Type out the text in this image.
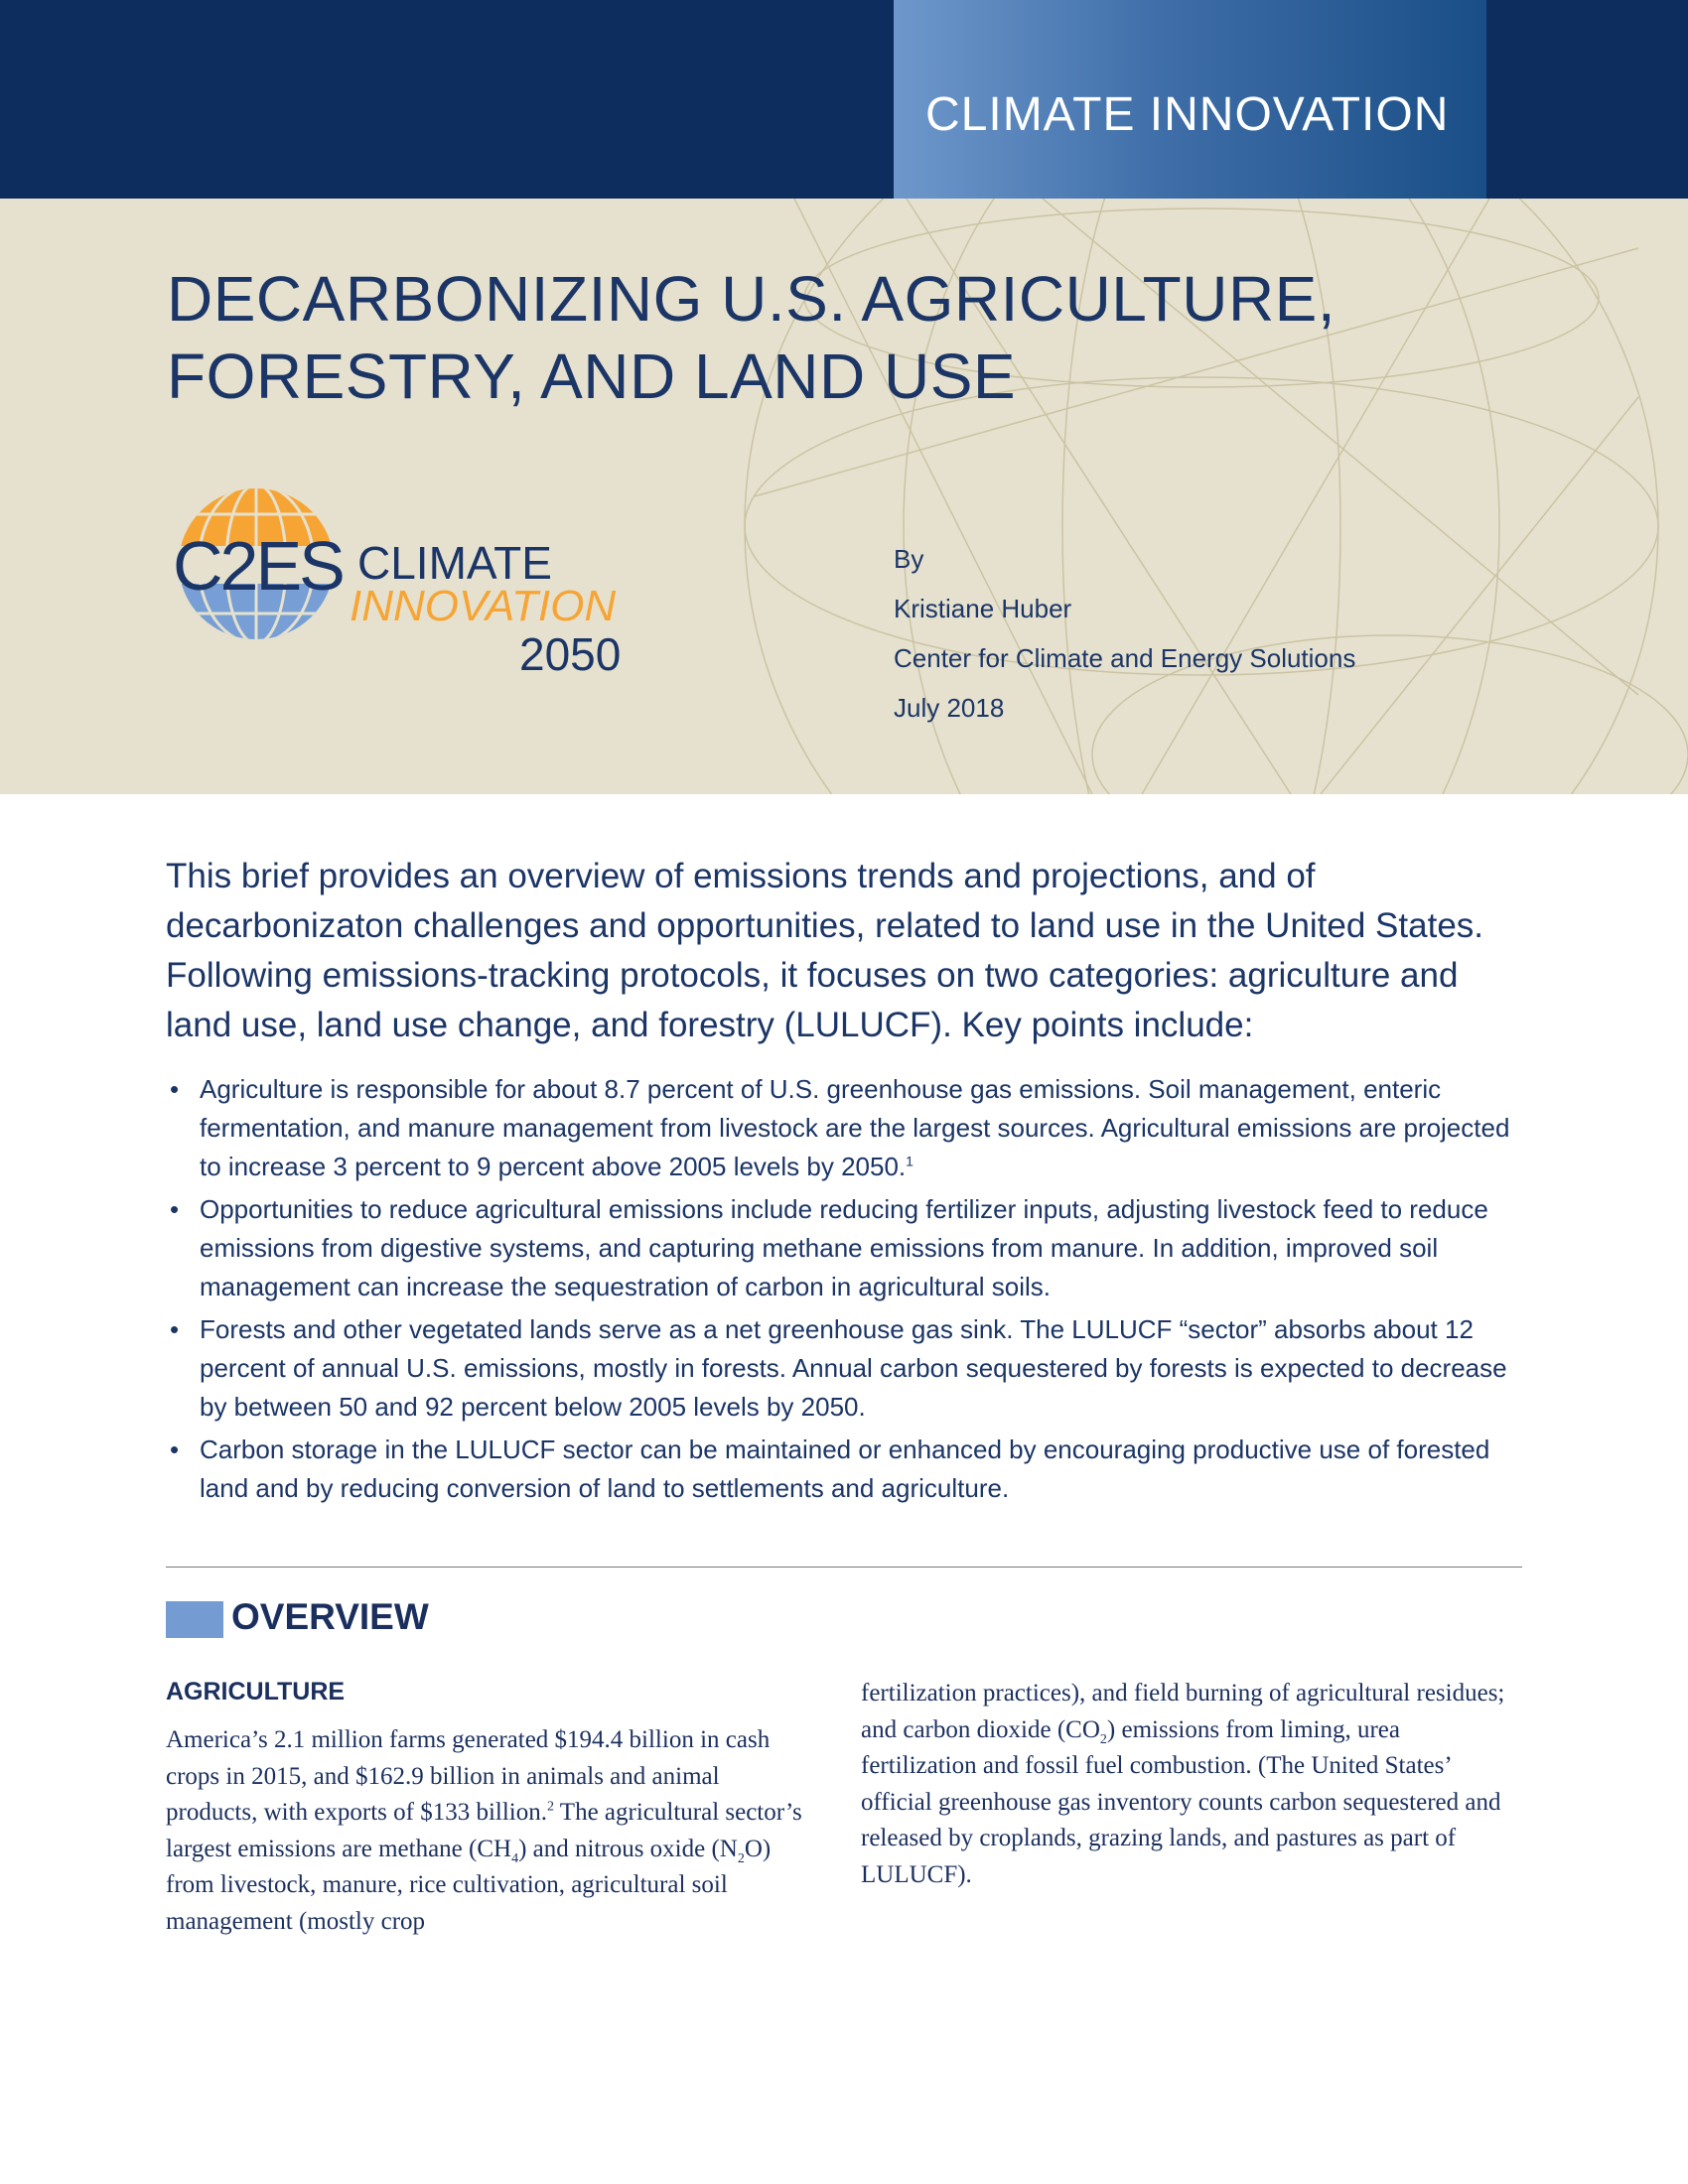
CLIMATE INNOVATION
DECARBONIZING U.S. AGRICULTURE,
FORESTRY, AND LAND USE
C2ES CLIMATE
INNOVATION
2050
By
Kristiane Huber
Center for Climate and Energy Solutions
July 2018

This brief provides an overview of emissions trends and projections, and of decarbonizaton challenges and opportunities, related to land use in the United States. Following emissions-tracking protocols, it focuses on two categories: agriculture and land use, land use change, and forestry (LULUCF). Key points include:

• Agriculture is responsible for about 8.7 percent of U.S. greenhouse gas emissions. Soil management, enteric fermentation, and manure management from livestock are the largest sources. Agricultural emissions are projected to increase 3 percent to 9 percent above 2005 levels by 2050.$^1$
• Opportunities to reduce agricultural emissions include reducing fertilizer inputs, adjusting livestock feed to reduce emissions from digestive systems, and capturing methane emissions from manure. In addition, improved soil management can increase the sequestration of carbon in agricultural soils.
• Forests and other vegetated lands serve as a net greenhouse gas sink. The LULUCF “sector” absorbs about 12 percent of annual U.S. emissions, mostly in forests. Annual carbon sequestered by forests is expected to decrease by between 50 and 92 percent below 2005 levels by 2050.
• Carbon storage in the LULUCF sector can be maintained or enhanced by encouraging productive use of forested land and by reducing conversion of land to settlements and agriculture.
OVERVIEW
AGRICULTURE

America’s 2.1 million farms generated $194.4 billion in cash crops in 2015, and $162.9 billion in animals and animal products, with exports of $133 billion.$^2$ The agricultural sector’s largest emissions are methane $(CH_4)$ and nitrous oxide $(N_2O)$ from livestock, manure, rice cultivation, agricultural soil management (mostly crop

fertilization practices), and field burning of agricultural residues; and carbon dioxide $(CO_2)$ emissions from liming, urea fertilization and fossil fuel combustion. (The United States’ official greenhouse gas inventory counts carbon sequestered and released by croplands, grazing lands, and pastures as part of LULUCF).
